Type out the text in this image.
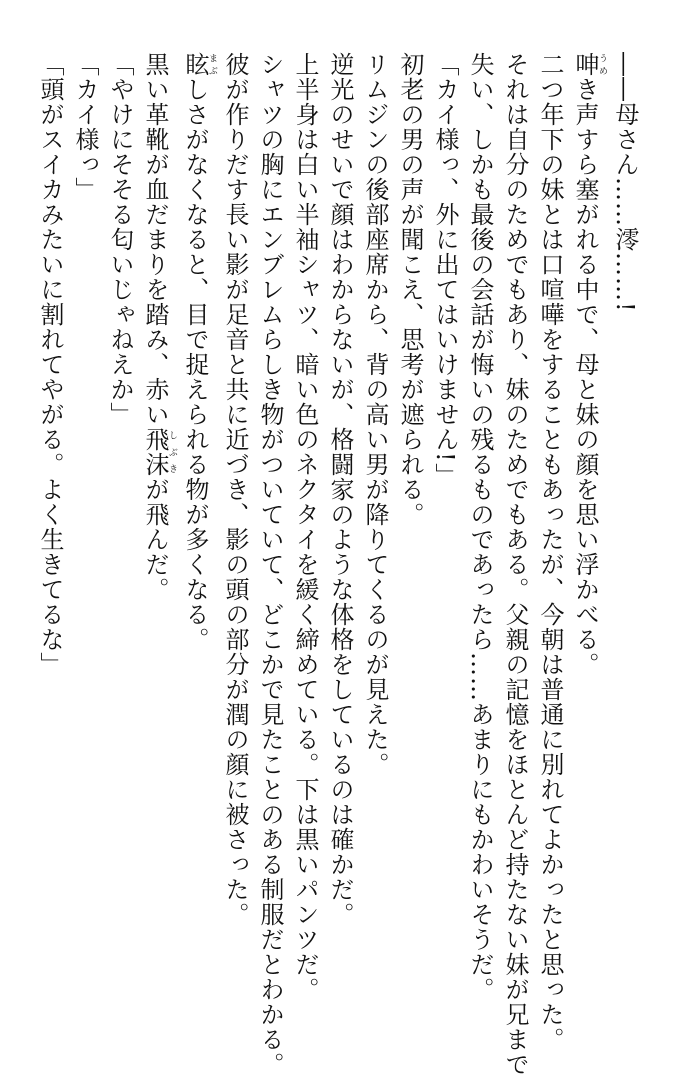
――母さん……澪……!

呻うめき声すら塞がれる中で、母と妹の顔を思い浮かべる。

二つ年下の妹とは口喧嘩をすることもあったが、今朝は普通に別れてよかったと思った。

それは自分のためでもあり、妹のためでもある。父親の記憶をほとんど持たない妹が兄まで

失い、しかも最後の会話が悔いの残るものであったら……あまりにもかわいそうだ。

「カイ様っ、外に出てはいけません!」

初老の男の声が聞こえ、思考が遮られる。

リムジンの後部座席から、背の高い男が降りてくるのが見えた。

逆光のせいで顔はわからないが、格闘家のような体格をしているのは確かだ。

上半身は白い半袖シャツ、暗い色のネクタイを緩く締めている。下は黒いパンツだ。

シャツの胸にエンブレムらしき物がついていて、どこかで見たことのある制服だとわかる。

彼が作りだす長い影が足音と共に近づき、影の頭の部分が潤の顔に被さった。

眩まぶしさがなくなると、目で捉えられる物が多くなる。

黒い革靴が血だまりを踏み、赤い飛沫しぶきが飛んだ。

「やけにそそる匂いじゃねえか」

「カイ様っ」

「頭がスイカみたいに割れてやがる。よく生きてるな」
